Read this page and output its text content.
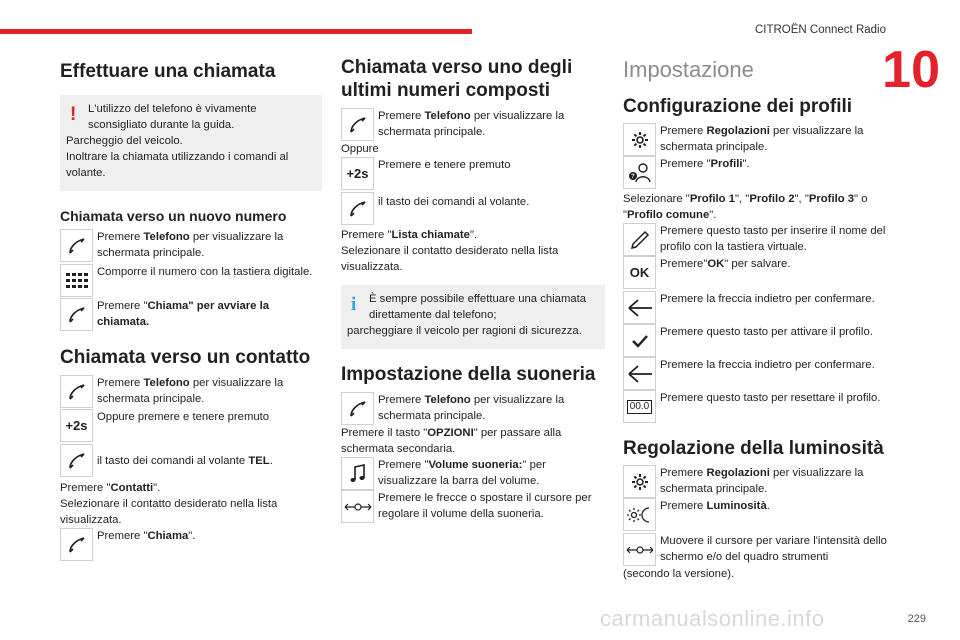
CITROËN Connect Radio
10
229
carmanualsonline.info
Effettuare una chiamata
!	L'utilizzo del telefono è vivamente sconsigliato durante la guida.
Parcheggio del veicolo.
Inoltrare la chiamata utilizzando i comandi al volante.
Chiamata verso un nuovo numero
Premere Telefono per visualizzare la schermata principale.
Comporre il numero con la tastiera digitale.
Premere "Chiama" per avviare la chiamata.
Chiamata verso un contatto
Premere Telefono per visualizzare la schermata principale.
+2s
Oppure premere e tenere premuto
il tasto dei comandi al volante TEL.
Premere "Contatti".
Selezionare il contatto desiderato nella lista visualizzata.
Premere "Chiama".
Chiamata verso uno degli ultimi numeri composti
Premere Telefono per visualizzare la schermata principale.
Oppure
+2s
Premere e tenere premuto
il tasto dei comandi al volante.
Premere "Lista chiamate".
Selezionare il contatto desiderato nella lista visualizzata.
i	È sempre possibile effettuare una chiamata direttamente dal telefono;
parcheggiare il veicolo per ragioni di sicurezza.
Impostazione della suoneria
Premere Telefono per visualizzare la schermata principale.
Premere il tasto "OPZIONI" per passare alla schermata secondaria.
Premere "Volume suoneria:" per visualizzare la barra del volume.
Premere le frecce o spostare il cursore per regolare il volume della suoneria.
Impostazione
Configurazione dei profili
Premere Regolazioni per visualizzare la schermata principale.
?
Premere "Profili".
Selezionare "Profilo 1", "Profilo 2", "Profilo 3" o "Profilo comune".
Premere questo tasto per inserire il nome del profilo con la tastiera virtuale.
OK
Premere"OK" per salvare.
Premere la freccia indietro per confermare.
Premere questo tasto per attivare il profilo.
Premere la freccia indietro per confermare.
00.0
Premere questo tasto per resettare il profilo.
Regolazione della luminosità
Premere Regolazioni per visualizzare la schermata principale.
Premere Luminosità.
Muovere il cursore per variare l'intensità dello schermo e/o del quadro strumenti
(secondo la versione).
